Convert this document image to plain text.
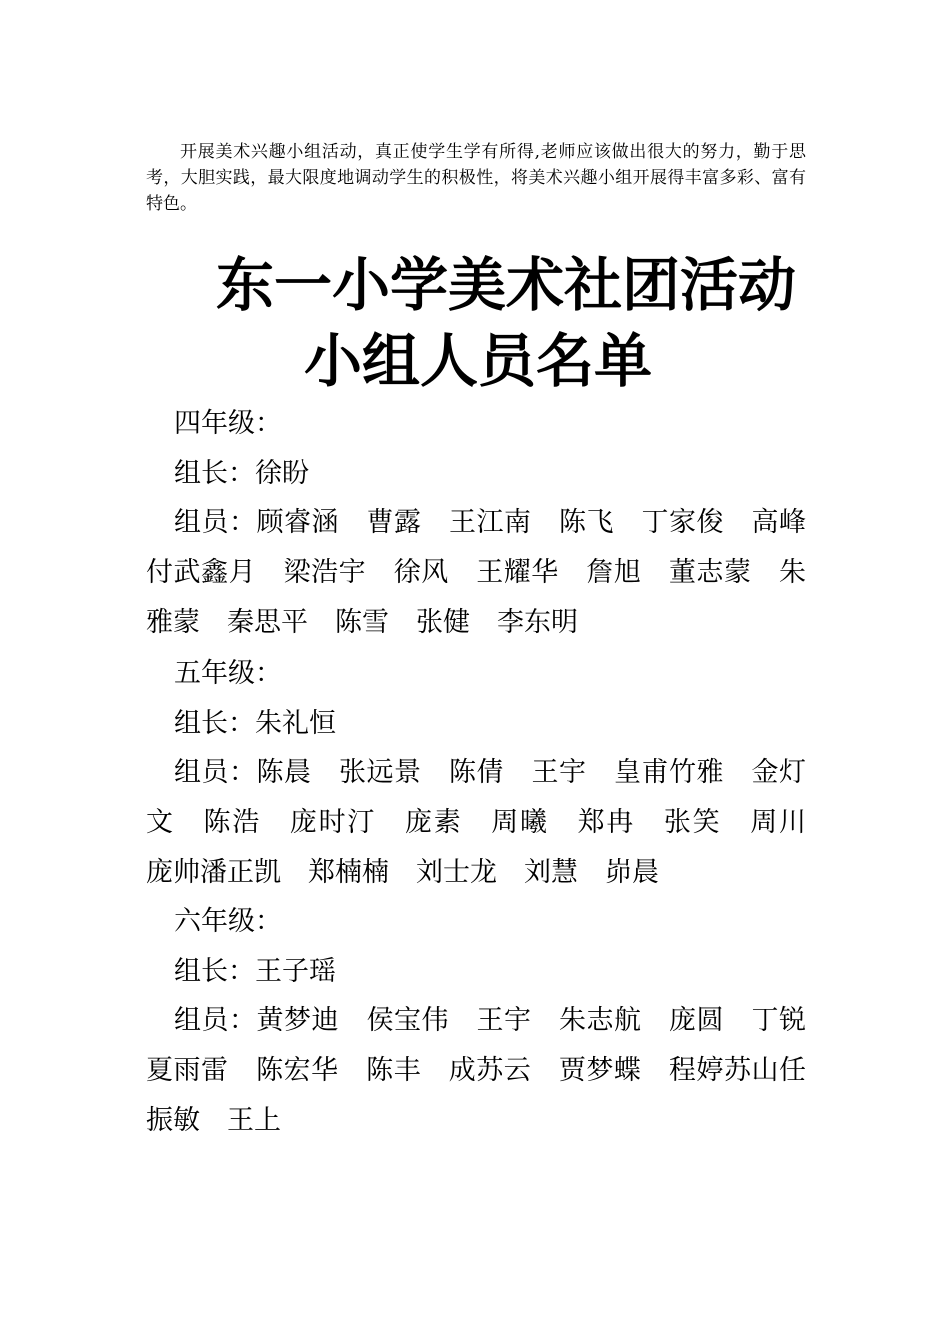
开展美术兴趣小组活动，真正使学生学有所得,老师应该做出很大的努力，勤于思考，大胆实践，最大限度地调动学生的积极性，将美术兴趣小组开展得丰富多彩、富有特色。

东一小学美术社团活动
小组人员名单
四年级：
组长：徐盼
组员：顾睿涵　曹露　王江南　陈飞　丁家俊　高峰　付武鑫月　梁浩宇　徐风　王耀华　詹旭　董志蒙　朱雅蒙　秦思平　陈雪　张健　李东明
五年级：
组长：朱礼恒
组员：陈晨　张远景　陈倩　王宇　皇甫竹雅　金灯文　陈浩　庞时汀　庞素　周曦　郑冉　张笑　周川　庞帅潘正凯　郑楠楠　刘士龙　刘慧　峁晨
六年级：
组长：王子瑶
组员：黄梦迪　侯宝伟　王宇　朱志航　庞圆　丁锐　夏雨雷　陈宏华　陈丰　成苏云　贾梦蝶　程婷苏山任振敏　王上
